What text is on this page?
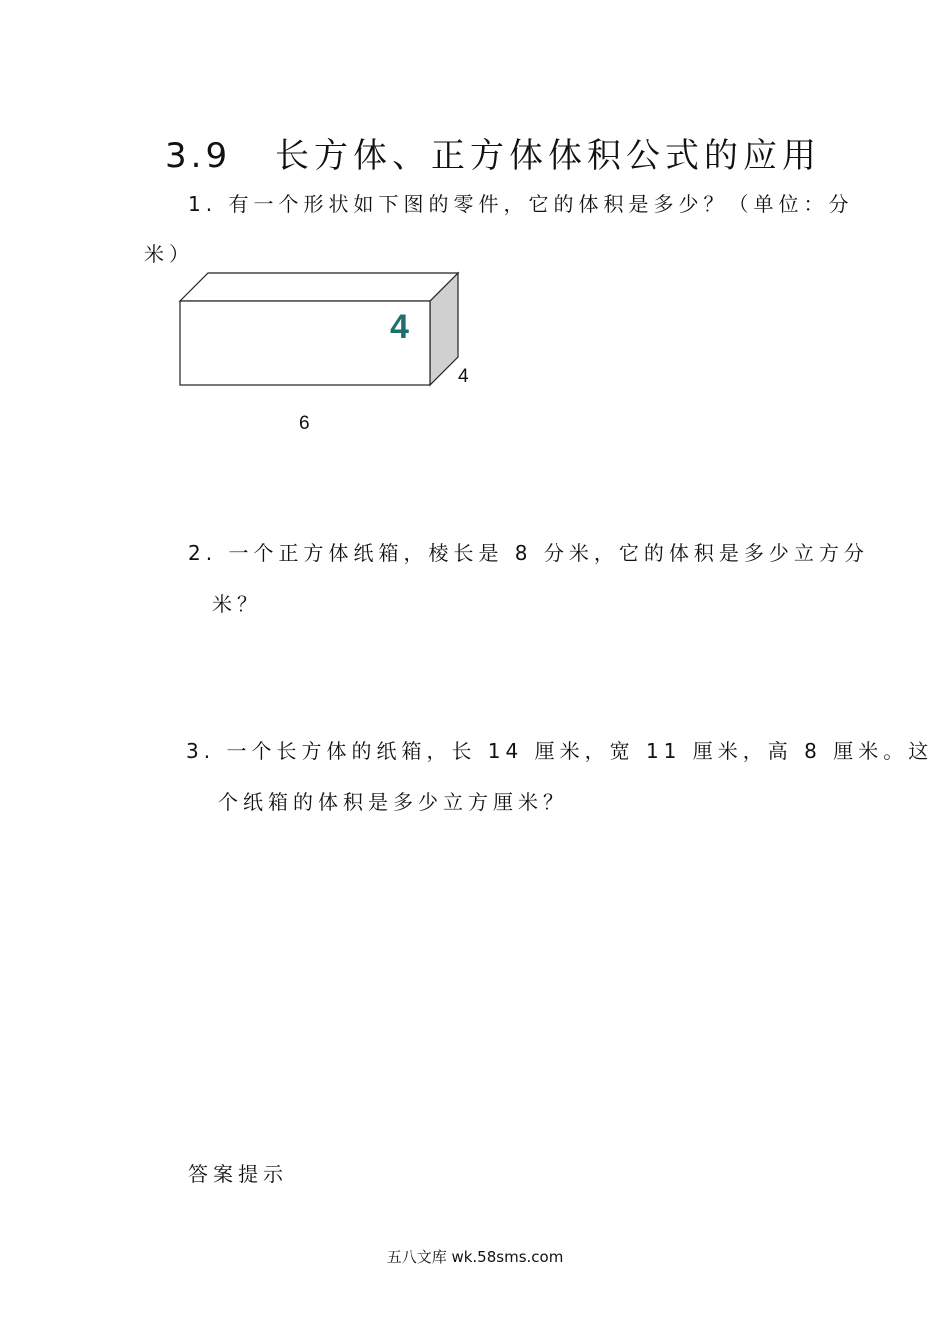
3.9 长方体、正方体体积公式的应用
1. 有一个形状如下图的零件，它的体积是多少？（单位：分
米）
4
4
6
2. 一个正方体纸箱，棱长是 8 分米，它的体积是多少立方分
米？
3. 一个长方体的纸箱，长 14 厘米，宽 11 厘米，高 8 厘米。这
个纸箱的体积是多少立方厘米？
答案提示
五八文库 wk.58sms.com
